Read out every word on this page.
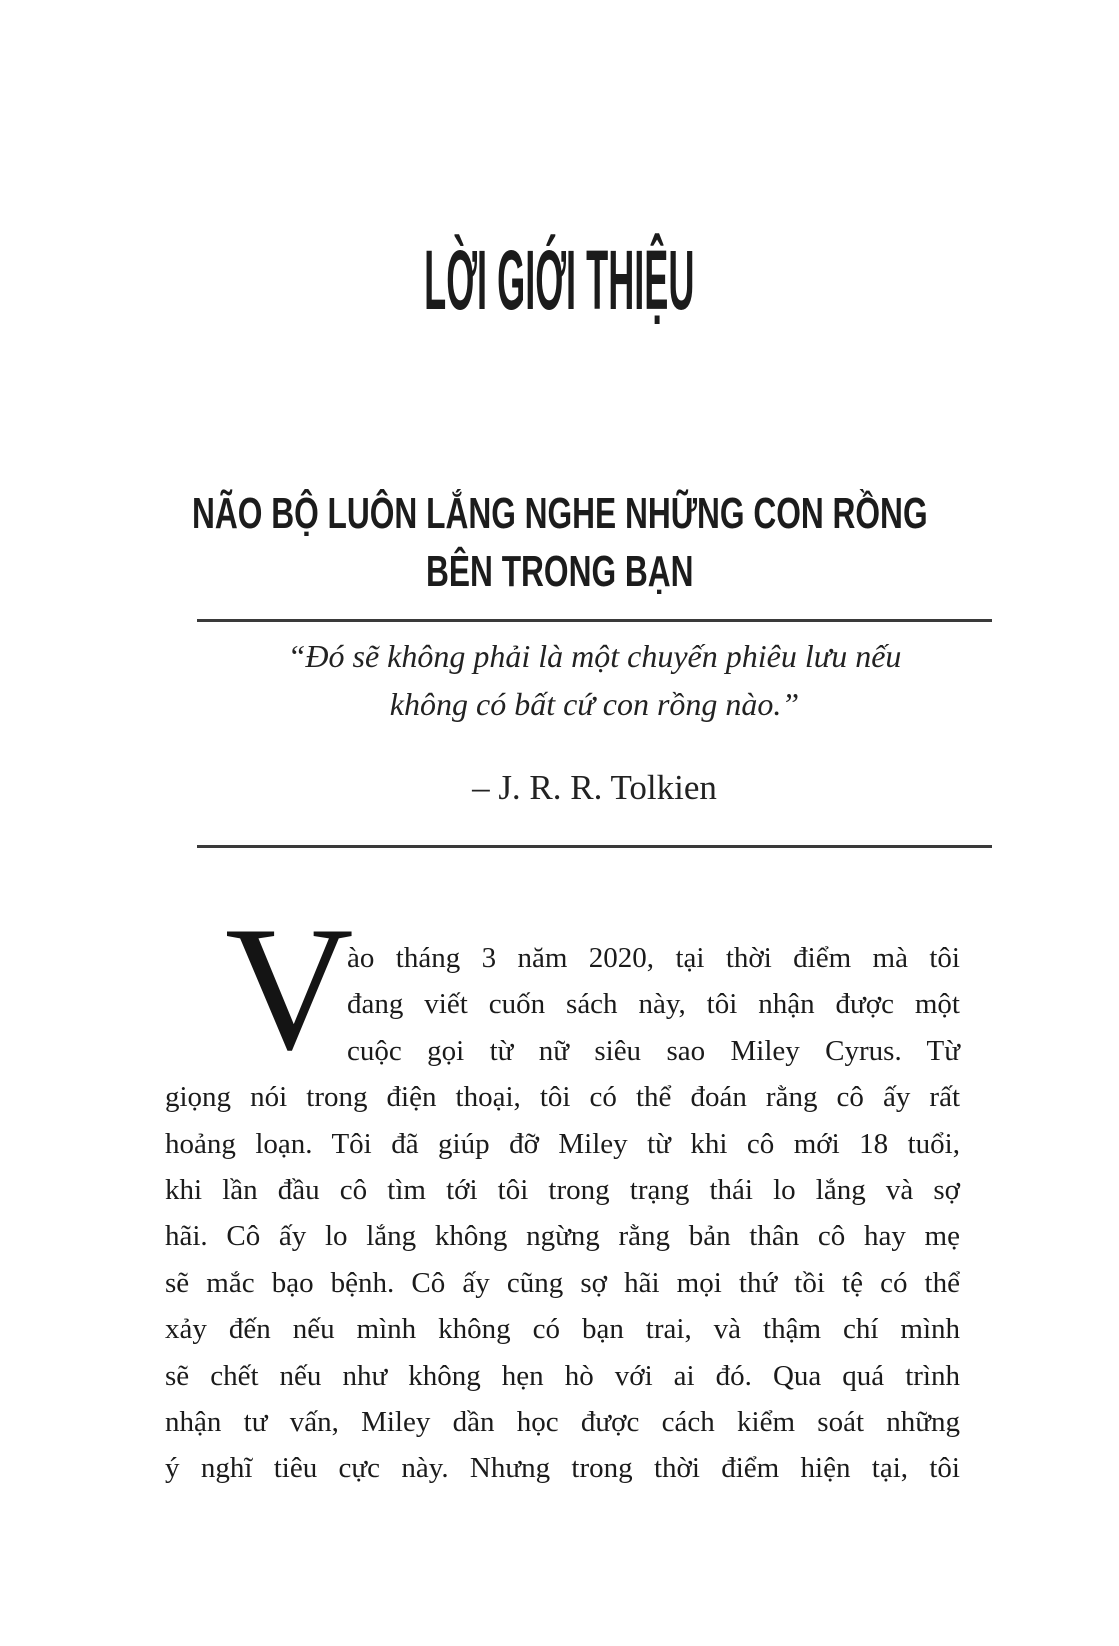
LỜI GIỚI THIỆU
NÃO BỘ LUÔN LẮNG NGHE NHỮNG CON RỒNG
BÊN TRONG BẠN
“Đó sẽ không phải là một chuyến phiêu lưu nếu
không có bất cứ con rồng nào.”
– J. R. R. Tolkien
V
ào tháng 3 năm 2020, tại thời điểm mà tôi
đang viết cuốn sách này, tôi nhận được một
cuộc gọi từ nữ siêu sao Miley Cyrus. Từ
giọng nói trong điện thoại, tôi có thể đoán rằng cô ấy rất
hoảng loạn. Tôi đã giúp đỡ Miley từ khi cô mới 18 tuổi,
khi lần đầu cô tìm tới tôi trong trạng thái lo lắng và sợ
hãi. Cô ấy lo lắng không ngừng rằng bản thân cô hay mẹ
sẽ mắc bạo bệnh. Cô ấy cũng sợ hãi mọi thứ tồi tệ có thể
xảy đến nếu mình không có bạn trai, và thậm chí mình
sẽ chết nếu như không hẹn hò với ai đó. Qua quá trình
nhận tư vấn, Miley dần học được cách kiểm soát những
ý nghĩ tiêu cực này. Nhưng trong thời điểm hiện tại, tôi
